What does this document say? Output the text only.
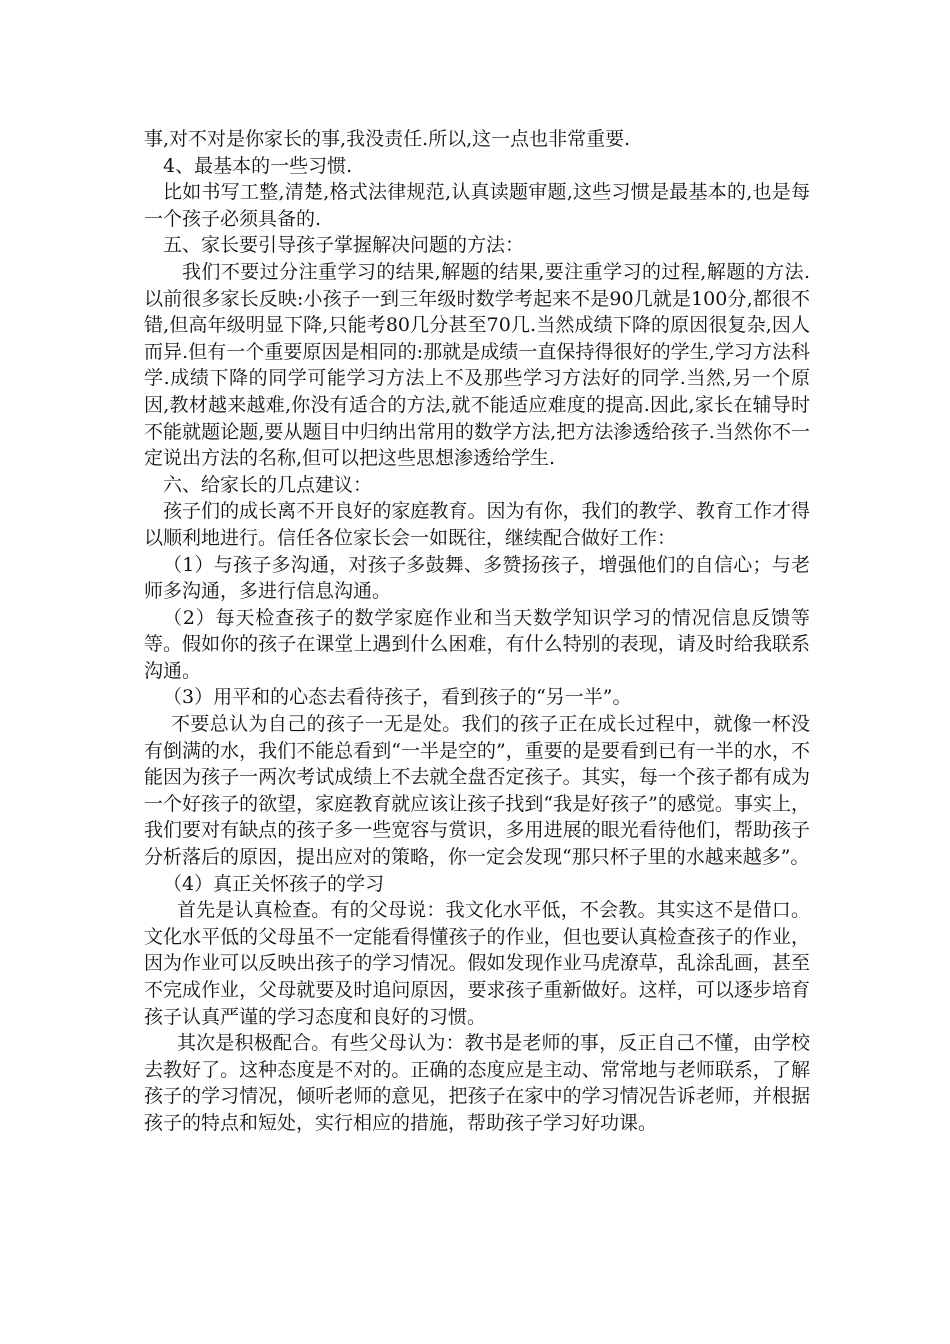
事,对不对是你家长的事,我没责任.所以,这一点也非常重要.

4、最基本的一些习惯.

比如书写工整,清楚,格式法律规范,认真读题审题,这些习惯是最基本的,也是每一个孩子必须具备的.

五、家长要引导孩子掌握解决问题的方法：

我们不要过分注重学习的结果,解题的结果,要注重学习的过程,解题的方法.以前很多家长反映:小孩子一到三年级时数学考起来不是90几就是100分,都很不错,但高年级明显下降,只能考80几分甚至70几.当然成绩下降的原因很复杂,因人而异.但有一个重要原因是相同的:那就是成绩一直保持得很好的学生,学习方法科学.成绩下降的同学可能学习方法上不及那些学习方法好的同学.当然,另一个原因,教材越来越难,你没有适合的方法,就不能适应难度的提高.因此,家长在辅导时不能就题论题,要从题目中归纳出常用的数学方法,把方法渗透给孩子.当然你不一定说出方法的名称,但可以把这些思想渗透给学生.

六、给家长的几点建议：

孩子们的成长离不开良好的家庭教育。因为有你，我们的教学、教育工作才得以顺利地进行。信任各位家长会一如既往，继续配合做好工作：

（1）与孩子多沟通，对孩子多鼓舞、多赞扬孩子，增强他们的自信心；与老师多沟通，多进行信息沟通。

（2）每天检查孩子的数学家庭作业和当天数学知识学习的情况信息反馈等等。假如你的孩子在课堂上遇到什么困难，有什么特别的表现，请及时给我联系沟通。

（3）用平和的心态去看待孩子，看到孩子的“另一半”。

不要总认为自己的孩子一无是处。我们的孩子正在成长过程中，就像一杯没有倒满的水，我们不能总看到“一半是空的”，重要的是要看到已有一半的水，不能因为孩子一两次考试成绩上不去就全盘否定孩子。其实，每一个孩子都有成为一个好孩子的欲望，家庭教育就应该让孩子找到“我是好孩子”的感觉。事实上，我们要对有缺点的孩子多一些宽容与赏识，多用进展的眼光看待他们，帮助孩子分析落后的原因，提出应对的策略，你一定会发现“那只杯子里的水越来越多”。

（4）真正关怀孩子的学习

首先是认真检查。有的父母说：我文化水平低，不会教。其实这不是借口。文化水平低的父母虽不一定能看得懂孩子的作业，但也要认真检查孩子的作业，因为作业可以反映出孩子的学习情况。假如发现作业马虎潦草，乱涂乱画，甚至不完成作业，父母就要及时追问原因，要求孩子重新做好。这样，可以逐步培育孩子认真严谨的学习态度和良好的习惯。

其次是积极配合。有些父母认为：教书是老师的事，反正自己不懂，由学校去教好了。这种态度是不对的。正确的态度应是主动、常常地与老师联系，了解孩子的学习情况，倾听老师的意见，把孩子在家中的学习情况告诉老师，并根据孩子的特点和短处，实行相应的措施，帮助孩子学习好功课。
